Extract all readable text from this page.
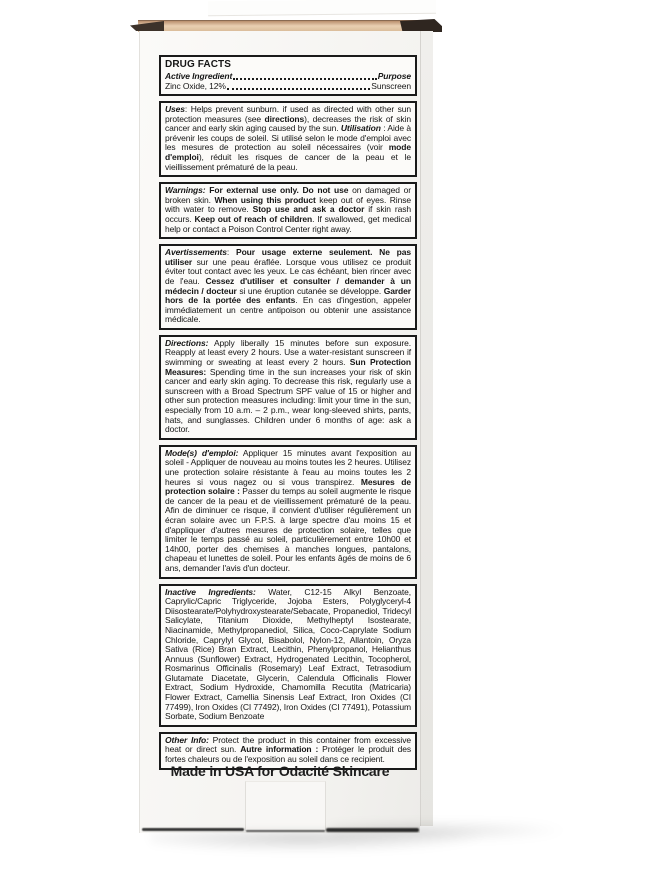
DRUG FACTS
Active Ingredient	Purpose
Zinc Oxide, 12%	Sunscreen

Uses: Helps prevent sunburn. if used as directed with other sun protection measures (see directions), decreases the risk of skin cancer and early skin aging caused by the sun. Utilisation : Aide à prévenir les coups de soleil. Si utilisé selon le mode d'emploi avec les mesures de protection au soleil nécessaires (voir mode d'emploi), réduit les risques de cancer de la peau et le vieillissement prématuré de la peau.

Warnings: For external use only. Do not use on damaged or broken skin. When using this product keep out of eyes. Rinse with water to remove. Stop use and ask a doctor if skin rash occurs. Keep out of reach of children. If swallowed, get medical help or contact a Poison Control Center right away.

Avertissements: Pour usage externe seulement. Ne pas utiliser sur une peau éraflée. Lorsque vous utilisez ce produit éviter tout contact avec les yeux. Le cas échéant, bien rincer avec de l'eau. Cessez d'utiliser et consulter / demander à un médecin / docteur si une éruption cutanée se développe. Garder hors de la portée des enfants. En cas d'ingestion, appeler immédiatement un centre antipoison ou obtenir une assistance médicale.

Directions: Apply liberally 15 minutes before sun exposure. Reapply at least every 2 hours. Use a water-resistant sunscreen if swimming or sweating at least every 2 hours. Sun Protection Measures: Spending time in the sun increases your risk of skin cancer and early skin aging. To decrease this risk, regularly use a sunscreen with a Broad Spectrum SPF value of 15 or higher and other sun protection measures including: limit your time in the sun, especially from 10 a.m. – 2 p.m., wear long-sleeved shirts, pants, hats, and sunglasses. Children under 6 months of age: ask a doctor.

Mode(s) d'emploi: Appliquer 15 minutes avant l'exposition au soleil - Appliquer de nouveau au moins toutes les 2 heures. Utilisez une protection solaire résistante à l'eau au moins toutes les 2 heures si vous nagez ou si vous transpirez. Mesures de protection solaire : Passer du temps au soleil augmente le risque de cancer de la peau et de vieillissement prématuré de la peau. Afin de diminuer ce risque, il convient d'utiliser régulièrement un écran solaire avec un F.P.S. à large spectre d'au moins 15 et d'appliquer d'autres mesures de protection solaire, telles que limiter le temps passé au soleil, particulièrement entre 10h00 et 14h00, porter des chemises à manches longues, pantalons, chapeau et lunettes de soleil. Pour les enfants âgés de moins de 6 ans, demander l'avis d'un docteur.

Inactive Ingredients: Water, C12-15 Alkyl Benzoate, Caprylic/Capric Triglyceride, Jojoba Esters, Polyglyceryl-4 Diisostearate/Polyhydroxystearate/Sebacate, Propanediol, Tridecyl Salicylate, Titanium Dioxide, Methylheptyl Isostearate, Niacinamide, Methylpropanediol, Silica, Coco-Caprylate Sodium Chloride, Caprylyl Glycol, Bisabolol, Nylon-12, Allantoin, Oryza Sativa (Rice) Bran Extract, Lecithin, Phenylpropanol, Helianthus Annuus (Sunflower) Extract, Hydrogenated Lecithin, Tocopherol, Rosmarinus Officinalis (Rosemary) Leaf Extract, Tetrasodium Glutamate Diacetate, Glycerin, Calendula Officinalis Flower Extract, Sodium Hydroxide, Chamomilla Recutita (Matricaria) Flower Extract, Camellia Sinensis Leaf Extract, Iron Oxides (CI 77499), Iron Oxides (CI 77492), Iron Oxides (CI 77491), Potassium Sorbate, Sodium Benzoate

Other Info: Protect the product in this container from excessive heat or direct sun. Autre information : Protéger le produit des fortes chaleurs ou de l'exposition au soleil dans ce recipient.

Made in USA for Odacité Skincare
